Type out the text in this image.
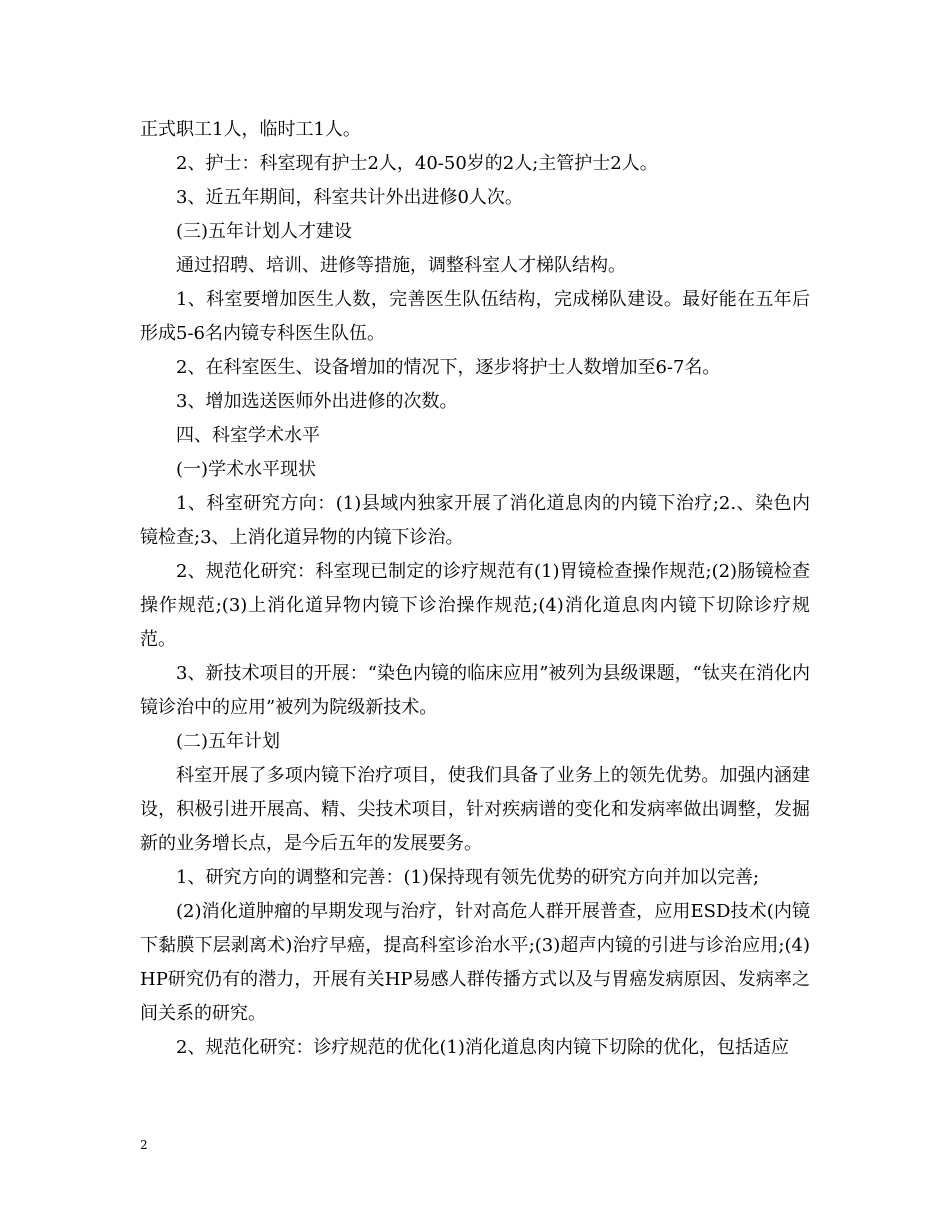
正式职工1人，临时工1人。

2、护士：科室现有护士2人，40-50岁的2人;主管护士2人。

3、近五年期间，科室共计外出进修0人次。

(三)五年计划人才建设

通过招聘、培训、进修等措施，调整科室人才梯队结构。

1、科室要增加医生人数，完善医生队伍结构，完成梯队建设。最好能在五年后形成5-6名内镜专科医生队伍。

2、在科室医生、设备增加的情况下，逐步将护士人数增加至6-7名。

3、增加选送医师外出进修的次数。

四、科室学术水平

(一)学术水平现状

1、科室研究方向：(1)县域内独家开展了消化道息肉的内镜下治疗;2.、染色内镜检查;3、上消化道异物的内镜下诊治。

2、规范化研究：科室现已制定的诊疗规范有(1)胃镜检查操作规范;(2)肠镜检查操作规范;(3)上消化道异物内镜下诊治操作规范;(4)消化道息肉内镜下切除诊疗规范。

3、新技术项目的开展：“染色内镜的临床应用”被列为县级课题，“钛夹在消化内镜诊治中的应用”被列为院级新技术。

(二)五年计划

科室开展了多项内镜下治疗项目，使我们具备了业务上的领先优势。加强内涵建设，积极引进开展高、精、尖技术项目，针对疾病谱的变化和发病率做出调整，发掘新的业务增长点，是今后五年的发展要务。

1、研究方向的调整和完善：(1)保持现有领先优势的研究方向并加以完善;

(2)消化道肿瘤的早期发现与治疗，针对高危人群开展普查，应用ESD技术(内镜下黏膜下层剥离术)治疗早癌，提高科室诊治水平;(3)超声内镜的引进与诊治应用;(4)HP研究仍有的潜力，开展有关HP易感人群传播方式以及与胃癌发病原因、发病率之间关系的研究。

2、规范化研究：诊疗规范的优化(1)消化道息肉内镜下切除的优化，包括适应

2
